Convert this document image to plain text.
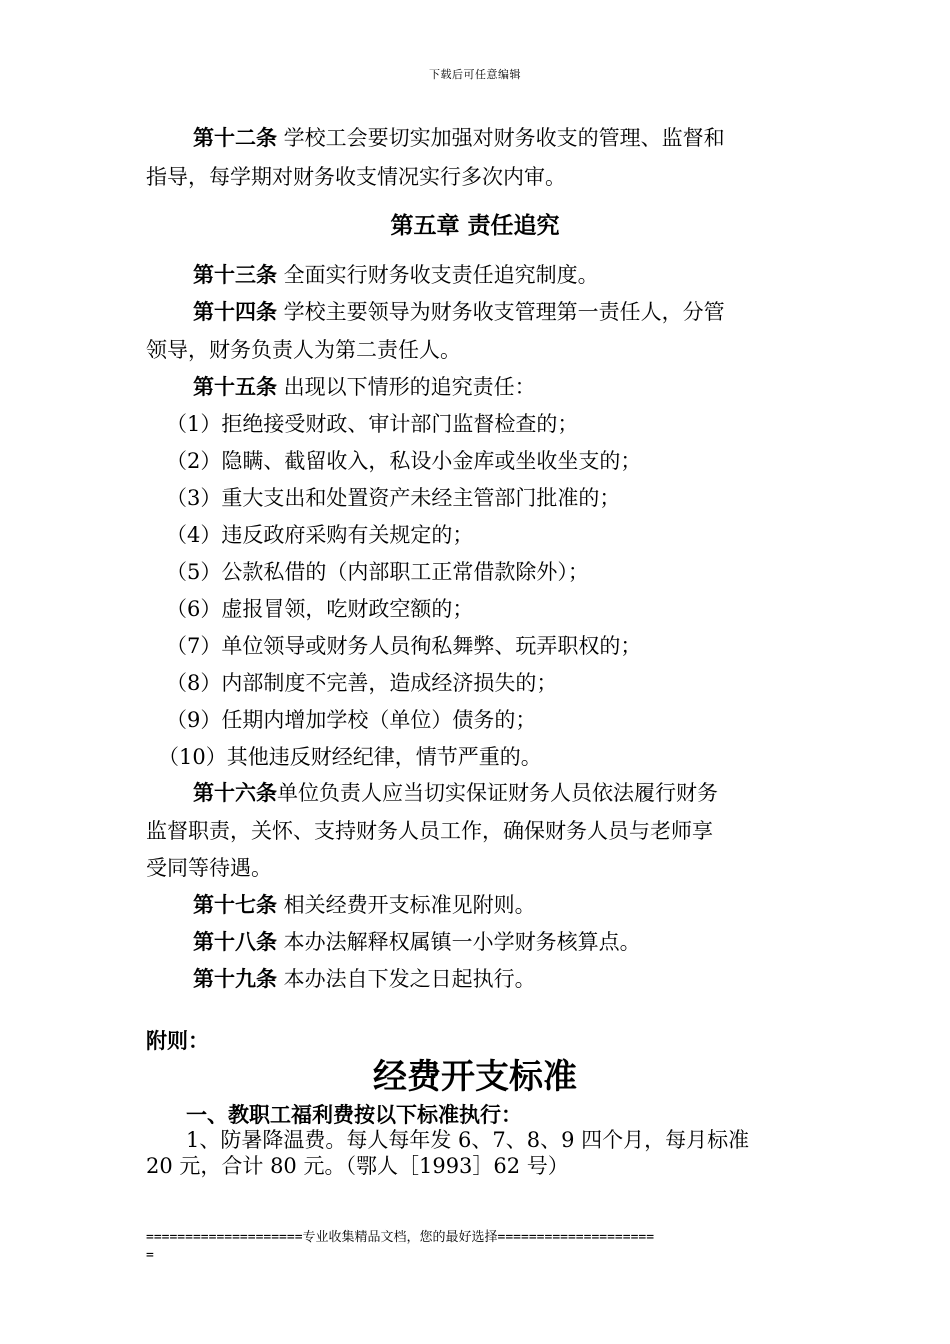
下载后可任意编辑
第十二条 学校工会要切实加强对财务收支的管理、监督和
指导，每学期对财务收支情况实行多次内审。
第五章 责任追究
第十三条 全面实行财务收支责任追究制度。
第十四条 学校主要领导为财务收支管理第一责任人，分管
领导，财务负责人为第二责任人。
第十五条 出现以下情形的追究责任：
（1）拒绝接受财政、审计部门监督检查的；
（2）隐瞒、截留收入，私设小金库或坐收坐支的；
（3）重大支出和处置资产未经主管部门批准的；
（4）违反政府采购有关规定的；
（5）公款私借的（内部职工正常借款除外）；
（6）虚报冒领，吃财政空额的；
（7）单位领导或财务人员徇私舞弊、玩弄职权的；
（8）内部制度不完善，造成经济损失的；
（9）任期内增加学校（单位）债务的；
（10）其他违反财经纪律，情节严重的。
第十六条单位负责人应当切实保证财务人员依法履行财务
监督职责，关怀、支持财务人员工作，确保财务人员与老师享
受同等待遇。
第十七条 相关经费开支标准见附则。
第十八条 本办法解释权属镇一小学财务核算点。
第十九条 本办法自下发之日起执行。
附则：
经费开支标准
一、教职工福利费按以下标准执行：
1、防暑降温费。每人每年发 6、7、8、9 四个月，每月标准
20 元，合计 80 元。（鄂人［1993］62 号）
====================专业收集精品文档，您的最好选择====================
=
